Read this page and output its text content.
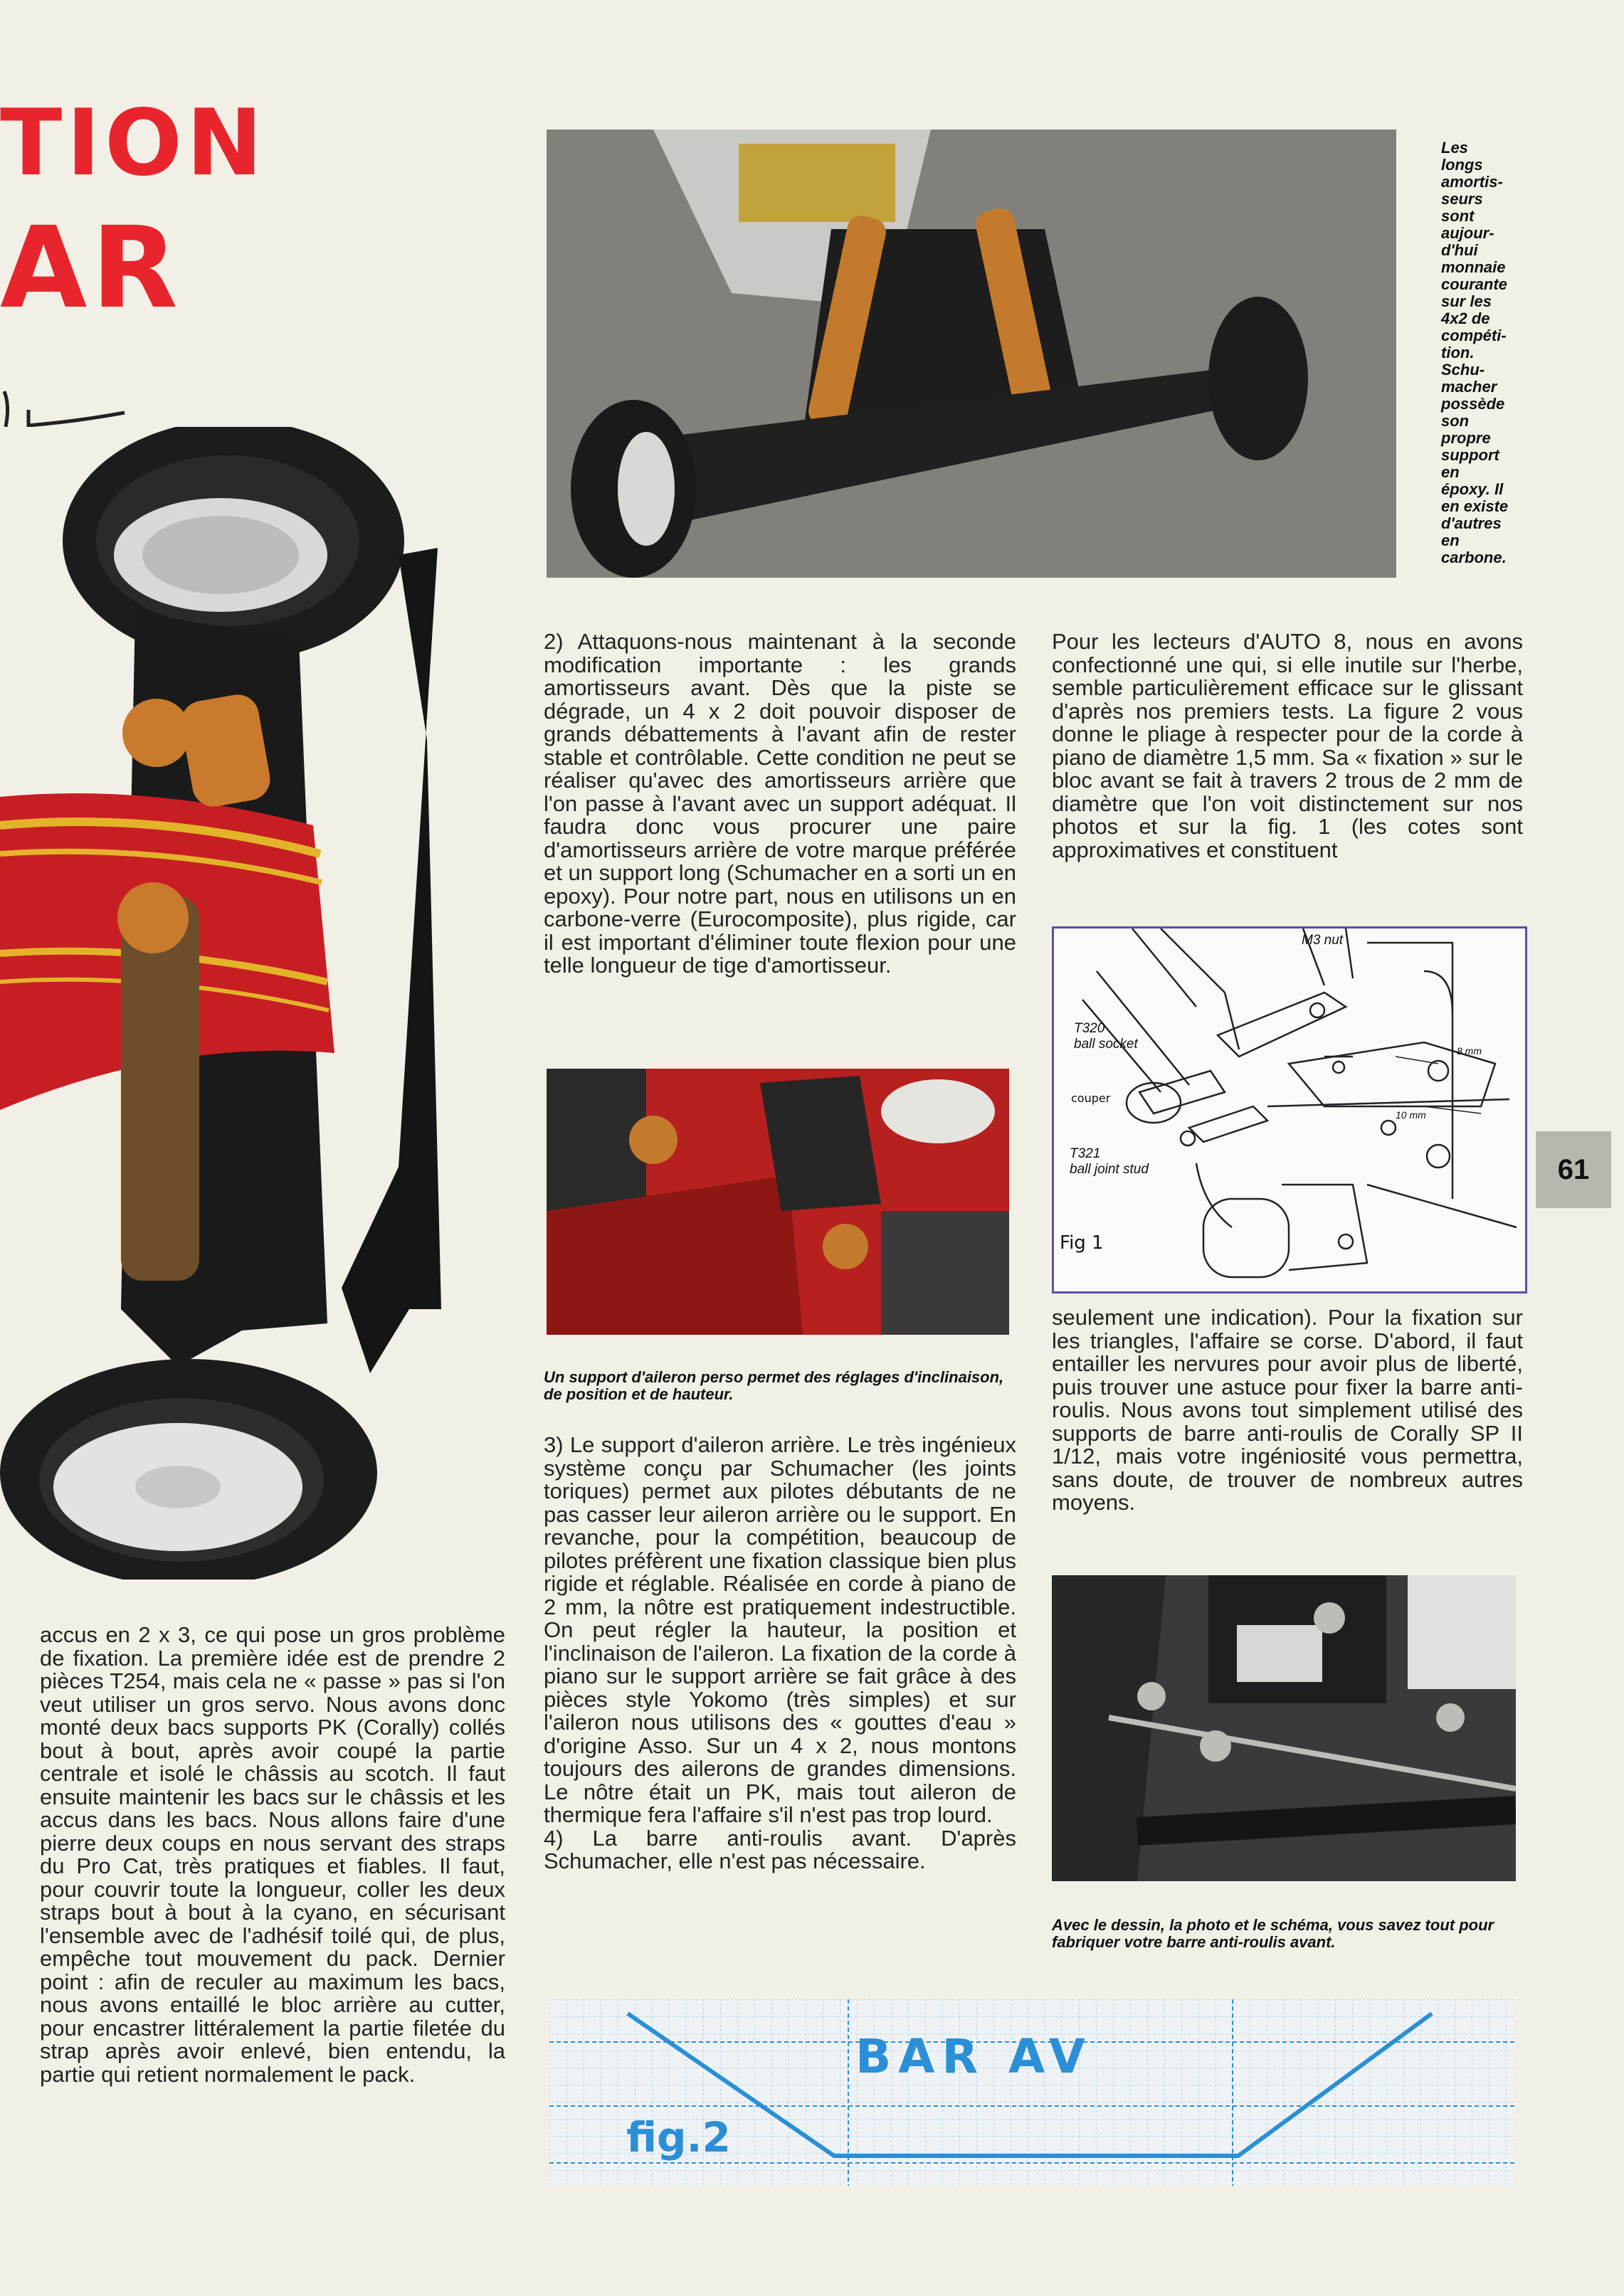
TION
AR
Les
longs
amortis-
seurs
sont
aujour-
d'hui
monnaie
courante
sur les
4x2 de
compéti-
tion.
Schu-
macher
possède
son
propre
support
en
époxy. Il
en existe
d'autres
en
carbone.

2) Attaquons-nous maintenant à la seconde modification importante : les grands amortisseurs avant. Dès que la piste se dégrade, un 4 x 2 doit pouvoir disposer de grands débattements à l'avant afin de rester stable et contrôlable. Cette condition ne peut se réaliser qu'avec des amortisseurs arrière que l'on passe à l'avant avec un support adéquat. Il faudra donc vous procurer une paire d'amortisseurs arrière de votre marque préférée et un support long (Schumacher en a sorti un en epoxy). Pour notre part, nous en utilisons un en carbone-verre (Eurocomposite), plus rigide, car il est important d'éliminer toute flexion pour une telle longueur de tige d'amortisseur.

Pour les lecteurs d'AUTO 8, nous en avons confectionné une qui, si elle inutile sur l'herbe, semble particulièrement efficace sur le glissant d'après nos premiers tests. La figure 2 vous donne le pliage à respecter pour de la corde à piano de diamètre 1,5 mm. Sa « fixation » sur le bloc avant se fait à travers 2 trous de 2 mm de diamètre que l'on voit distinctement sur nos photos et sur la fig. 1 (les cotes sont approximatives et constituent

Un support d'aileron perso permet des réglages d'inclinaison, de position et de hauteur.

3) Le support d'aileron arrière. Le très ingénieux système conçu par Schumacher (les joints toriques) permet aux pilotes débutants de ne pas casser leur aileron arrière ou le support. En revanche, pour la compétition, beaucoup de pilotes préfèrent une fixation classique bien plus rigide et réglable. Réalisée en corde à piano de 2 mm, la nôtre est pratiquement indestructible. On peut régler la hauteur, la position et l'inclinaison de l'aileron. La fixation de la corde à piano sur le support arrière se fait grâce à des pièces style Yokomo (très simples) et sur l'aileron nous utilisons des « gouttes d'eau » d'origine Asso. Sur un 4 x 2, nous montons toujours des ailerons de grandes dimensions. Le nôtre était un PK, mais tout aileron de thermique fera l'affaire s'il n'est pas trop lourd.

4) La barre anti-roulis avant. D'après Schumacher, elle n'est pas nécessaire.

M3 nut
T320
ball socket
couper
T321
ball joint stud
8 mm
10 mm
Fig 1

seulement une indication). Pour la fixation sur les triangles, l'affaire se corse. D'abord, il faut entailler les nervures pour avoir plus de liberté, puis trouver une astuce pour fixer la barre anti-roulis. Nous avons tout simplement utilisé des supports de barre anti-roulis de Corally SP II 1/12, mais votre ingéniosité vous permettra, sans doute, de trouver de nombreux autres moyens.

Avec le dessin, la photo et le schéma, vous savez tout pour fabriquer votre barre anti-roulis avant.
61

accus en 2 x 3, ce qui pose un gros problème de fixation. La première idée est de prendre 2 pièces T254, mais cela ne « passe » pas si l'on veut utiliser un gros servo. Nous avons donc monté deux bacs supports PK (Corally) collés bout à bout, après avoir coupé la partie centrale et isolé le châssis au scotch. Il faut ensuite maintenir les bacs sur le châssis et les accus dans les bacs. Nous allons faire d'une pierre deux coups en nous servant des straps du Pro Cat, très pratiques et fiables. Il faut, pour couvrir toute la longueur, coller les deux straps bout à bout à la cyano, en sécurisant l'ensemble avec de l'adhésif toilé qui, de plus, empêche tout mouvement du pack. Dernier point : afin de reculer au maximum les bacs, nous avons entaillé le bloc arrière au cutter, pour encastrer littéralement la partie filetée du strap après avoir enlevé, bien entendu, la partie qui retient normalement le pack.	BAR AV
fig.2
